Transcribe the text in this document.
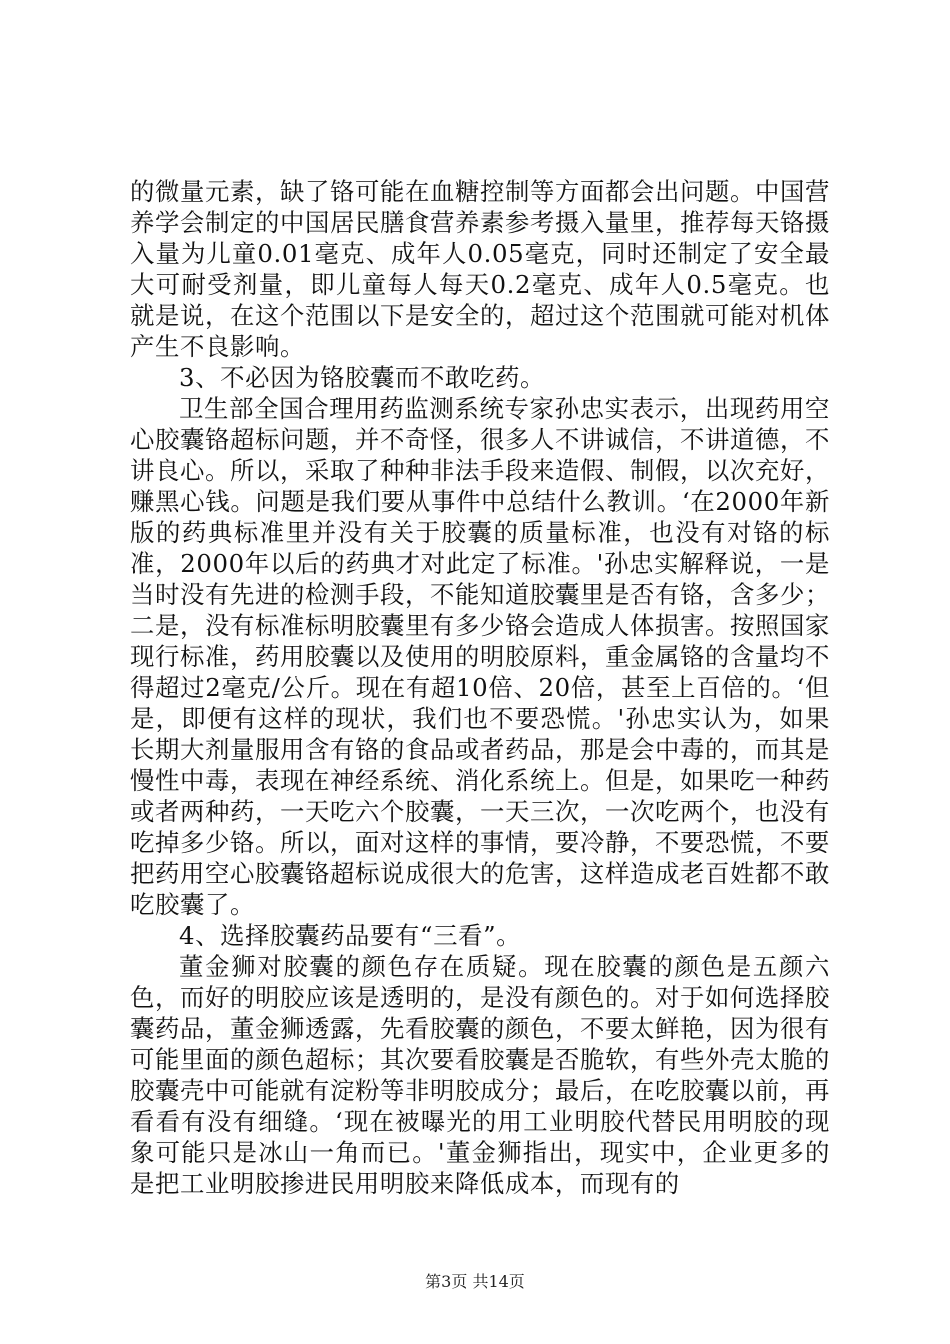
的微量元素，缺了铬可能在血糖控制等方面都会出问题。中国营养学会制定的中国居民膳食营养素参考摄入量里，推荐每天铬摄入量为儿童0.01毫克、成年人0.05毫克，同时还制定了安全最大可耐受剂量，即儿童每人每天0.2毫克、成年人0.5毫克。也就是说，在这个范围以下是安全的，超过这个范围就可能对机体产生不良影响。

3、不必因为铬胶囊而不敢吃药。

卫生部全国合理用药监测系统专家孙忠实表示，出现药用空心胶囊铬超标问题，并不奇怪，很多人不讲诚信，不讲道德，不讲良心。所以，采取了种种非法手段来造假、制假，以次充好，赚黑心钱。问题是我们要从事件中总结什么教训。‘在2000年新版的药典标准里并没有关于胶囊的质量标准，也没有对铬的标准，2000年以后的药典才对此定了标准。'孙忠实解释说，一是当时没有先进的检测手段，不能知道胶囊里是否有铬，含多少；二是，没有标准标明胶囊里有多少铬会造成人体损害。按照国家现行标准，药用胶囊以及使用的明胶原料，重金属铬的含量均不得超过2毫克/公斤。现在有超10倍、20倍，甚至上百倍的。‘但是，即便有这样的现状，我们也不要恐慌。'孙忠实认为，如果长期大剂量服用含有铬的食品或者药品，那是会中毒的，而其是慢性中毒，表现在神经系统、消化系统上。但是，如果吃一种药或者两种药，一天吃六个胶囊，一天三次，一次吃两个，也没有吃掉多少铬。所以，面对这样的事情，要冷静，不要恐慌，不要把药用空心胶囊铬超标说成很大的危害，这样造成老百姓都不敢吃胶囊了。

4、选择胶囊药品要有“三看”。

董金狮对胶囊的颜色存在质疑。现在胶囊的颜色是五颜六色，而好的明胶应该是透明的，是没有颜色的。对于如何选择胶囊药品，董金狮透露，先看胶囊的颜色，不要太鲜艳，因为很有可能里面的颜色超标；其次要看胶囊是否脆软，有些外壳太脆的胶囊壳中可能就有淀粉等非明胶成分；最后，在吃胶囊以前，再看看有没有细缝。‘现在被曝光的用工业明胶代替民用明胶的现象可能只是冰山一角而已。'董金狮指出，现实中，企业更多的是把工业明胶掺进民用明胶来降低成本，而现有的

第3页 共14页
